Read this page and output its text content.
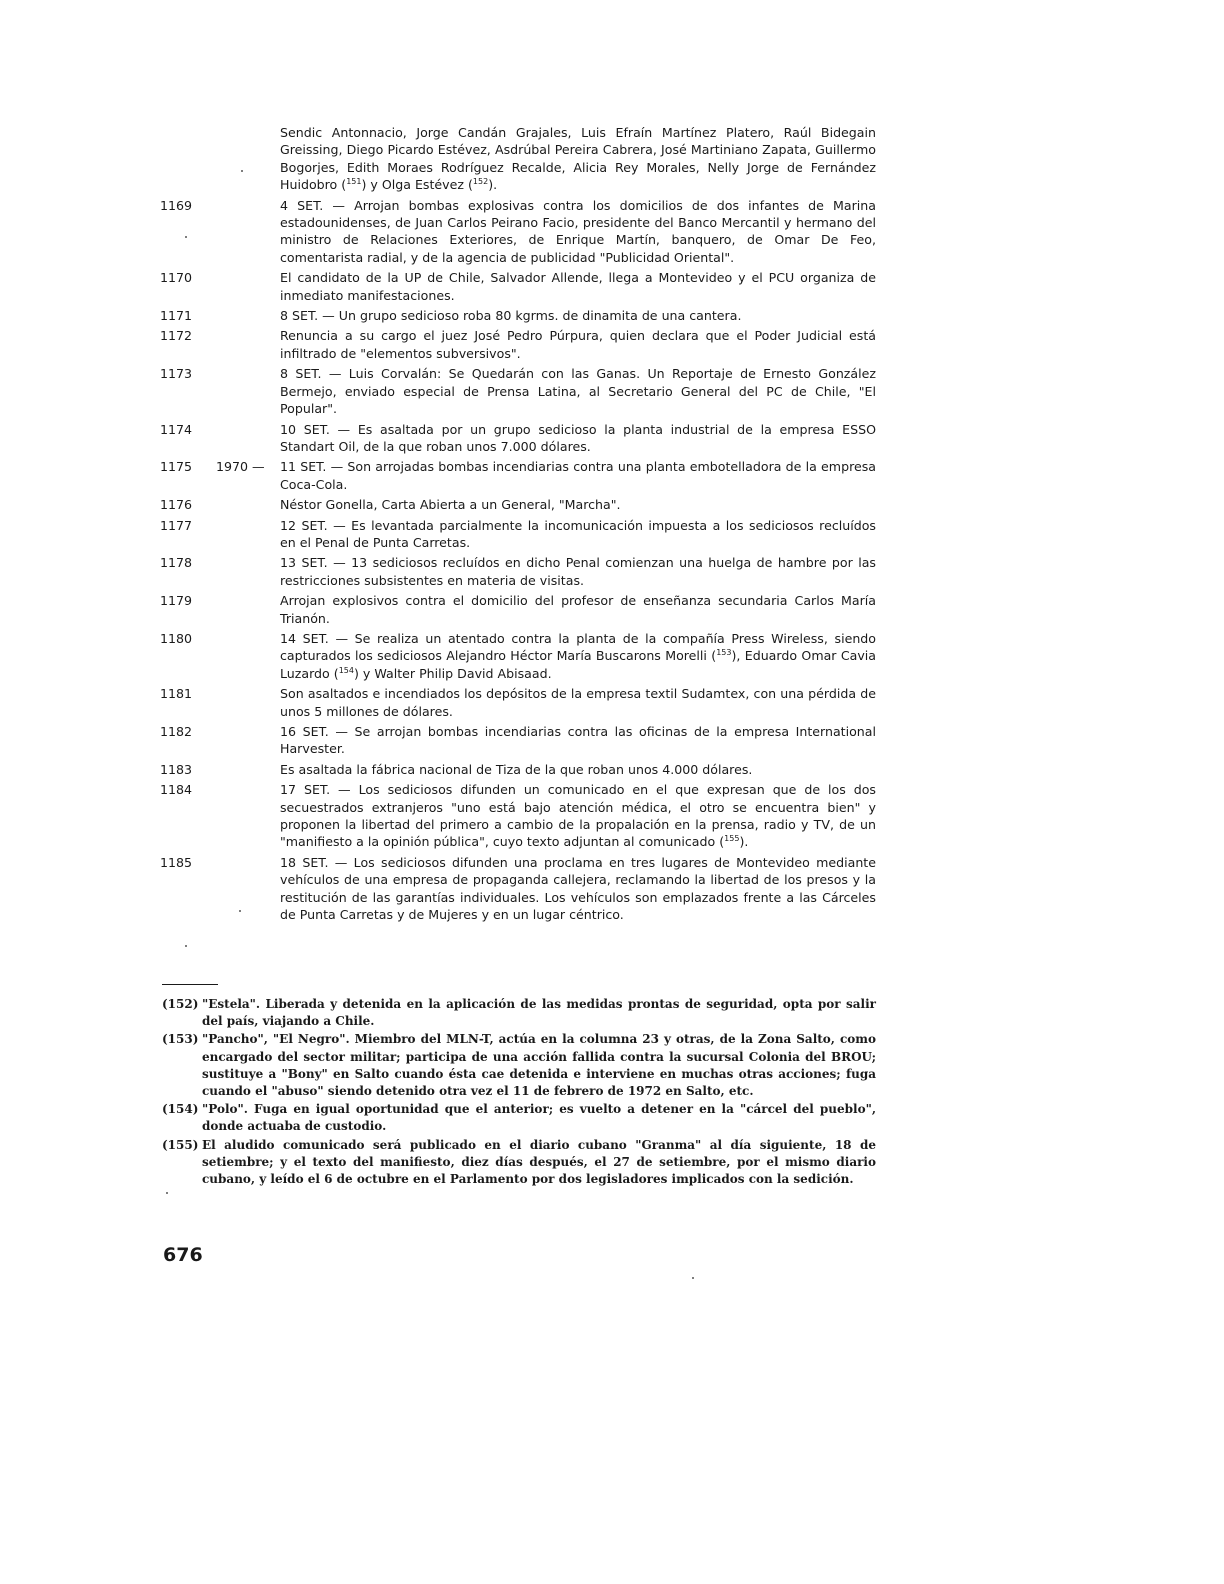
Sendic Antonnacio, Jorge Candán Grajales, Luis Efraín Martínez Platero, Raúl Bidegain Greissing, Diego Picardo Estévez, Asdrúbal Pereira Cabrera, José Martiniano Zapata, Guillermo Bogorjes, Edith Moraes Rodríguez Recalde, Alicia Rey Morales, Nelly Jorge de Fernández Huidobro ($^{151}$) y Olga Estévez ($^{152}$).
1169	4 SET. — Arrojan bombas explosivas contra los domicilios de dos infantes de Marina estadounidenses, de Juan Carlos Peirano Facio, presidente del Banco Mercantil y hermano del ministro de Relaciones Exteriores, de Enrique Martín, banquero, de Omar De Feo, comentarista radial, y de la agencia de publicidad "Publicidad Oriental".
1170	El candidato de la UP de Chile, Salvador Allende, llega a Montevideo y el PCU organiza de inmediato manifestaciones.
1171	8 SET. — Un grupo sedicioso roba 80 kgrms. de dinamita de una cantera.
1172	Renuncia a su cargo el juez José Pedro Púrpura, quien declara que el Poder Judicial está infiltrado de "elementos subversivos".
1173	8 SET. — Luis Corvalán: Se Quedarán con las Ganas. Un Reportaje de Ernesto González Bermejo, enviado especial de Prensa Latina, al Secretario General del PC de Chile, "El Popular".
1174	10 SET. — Es asaltada por un grupo sedicioso la planta industrial de la empresa ESSO Standart Oil, de la que roban unos 7.000 dólares.
1175	1970 —	11 SET. — Son arrojadas bombas incendiarias contra una planta embotelladora de la empresa Coca-Cola.
1176	Néstor Gonella, Carta Abierta a un General, "Marcha".
1177	12 SET. — Es levantada parcialmente la incomunicación impuesta a los sediciosos recluídos en el Penal de Punta Carretas.
1178	13 SET. — 13 sediciosos recluídos en dicho Penal comienzan una huelga de hambre por las restricciones subsistentes en materia de visitas.
1179	Arrojan explosivos contra el domicilio del profesor de enseñanza secundaria Carlos María Trianón.
1180	14 SET. — Se realiza un atentado contra la planta de la compañía Press Wireless, siendo capturados los sediciosos Alejandro Héctor María Buscarons Morelli ($^{153}$), Eduardo Omar Cavia Luzardo ($^{154}$) y Walter Philip David Abisaad.
1181	Son asaltados e incendiados los depósitos de la empresa textil Sudamtex, con una pérdida de unos 5 millones de dólares.
1182	16 SET. — Se arrojan bombas incendiarias contra las oficinas de la empresa International Harvester.
1183	Es asaltada la fábrica nacional de Tiza de la que roban unos 4.000 dólares.
1184	17 SET. — Los sediciosos difunden un comunicado en el que expresan que de los dos secuestrados extranjeros "uno está bajo atención médica, el otro se encuentra bien" y proponen la libertad del primero a cambio de la propalación en la prensa, radio y TV, de un "manifiesto a la opinión pública", cuyo texto adjuntan al comunicado ($^{155}$).
1185	18 SET. — Los sediciosos difunden una proclama en tres lugares de Montevideo mediante vehículos de una empresa de propaganda callejera, reclamando la libertad de los presos y la restitución de las garantías individuales. Los vehículos son emplazados frente a las Cárceles de Punta Carretas y de Mujeres y en un lugar céntrico.
(152) "Estela". Liberada y detenida en la aplicación de las medidas prontas de seguridad, opta por salir del país, viajando a Chile.
(153) "Pancho", "El Negro". Miembro del MLN-T, actúa en la columna 23 y otras, de la Zona Salto, como encargado del sector militar; participa de una acción fallida contra la sucursal Colonia del BROU; sustituye a "Bony" en Salto cuando ésta cae detenida e interviene en muchas otras acciones; fuga cuando el "abuso" siendo detenido otra vez el 11 de febrero de 1972 en Salto, etc.
(154) "Polo". Fuga en igual oportunidad que el anterior; es vuelto a detener en la "cárcel del pueblo", donde actuaba de custodio.
(155) El aludido comunicado será publicado en el diario cubano "Granma" al día siguiente, 18 de setiembre; y el texto del manifiesto, diez días después, el 27 de setiembre, por el mismo diario cubano, y leído el 6 de octubre en el Parlamento por dos legisladores implicados con la sedición.
676
